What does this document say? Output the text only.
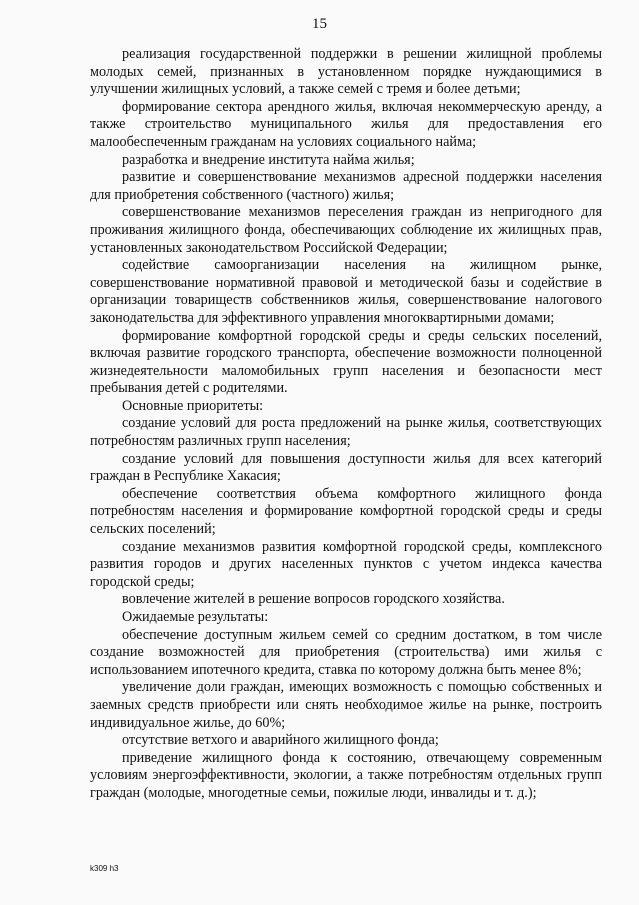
15

реализация государственной поддержки в решении жилищной проблемы молодых семей, признанных в установленном порядке нуждающимися в улучшении жилищных условий, а также семей с тремя и более детьми;

формирование сектора арендного жилья, включая некоммерческую аренду, а также строительство муниципального жилья для предоставления его малообеспеченным гражданам на условиях социального найма;

разработка и внедрение института найма жилья;

развитие и совершенствование механизмов адресной поддержки населения для приобретения собственного (частного) жилья;

совершенствование механизмов переселения граждан из непригодного для проживания жилищного фонда, обеспечивающих соблюдение их жилищных прав, установленных законодательством Российской Федерации;

содействие самоорганизации населения на жилищном рынке, совершенствование нормативной правовой и методической базы и содействие в организации товариществ собственников жилья, совершенствование налогового законодательства для эффективного управления многоквартирными домами;

формирование комфортной городской среды и среды сельских поселений, включая развитие городского транспорта, обеспечение возможности полноценной жизнедеятельности маломобильных групп населения и безопасности мест пребывания детей с родителями.

Основные приоритеты:

создание условий для роста предложений на рынке жилья, соответствующих потребностям различных групп населения;

создание условий для повышения доступности жилья для всех категорий граждан в Республике Хакасия;

обеспечение соответствия объема комфортного жилищного фонда потребностям населения и формирование комфортной городской среды и среды сельских поселений;

создание механизмов развития комфортной городской среды, комплексного развития городов и других населенных пунктов с учетом индекса качества городской среды;

вовлечение жителей в решение вопросов городского хозяйства.

Ожидаемые результаты:

обеспечение доступным жильем семей со средним достатком, в том числе создание возможностей для приобретения (строительства) ими жилья с использованием ипотечного кредита, ставка по которому должна быть менее 8%;

увеличение доли граждан, имеющих возможность с помощью собственных и заемных средств приобрести или снять необходимое жилье на рынке, построить индивидуальное жилье, до 60%;

отсутствие ветхого и аварийного жилищного фонда;

приведение жилищного фонда к состоянию, отвечающему современным условиям энергоэффективности, экологии, а также потребностям отдельных групп граждан (молодые, многодетные семьи, пожилые люди, инвалиды и т. д.);

k309 h3
